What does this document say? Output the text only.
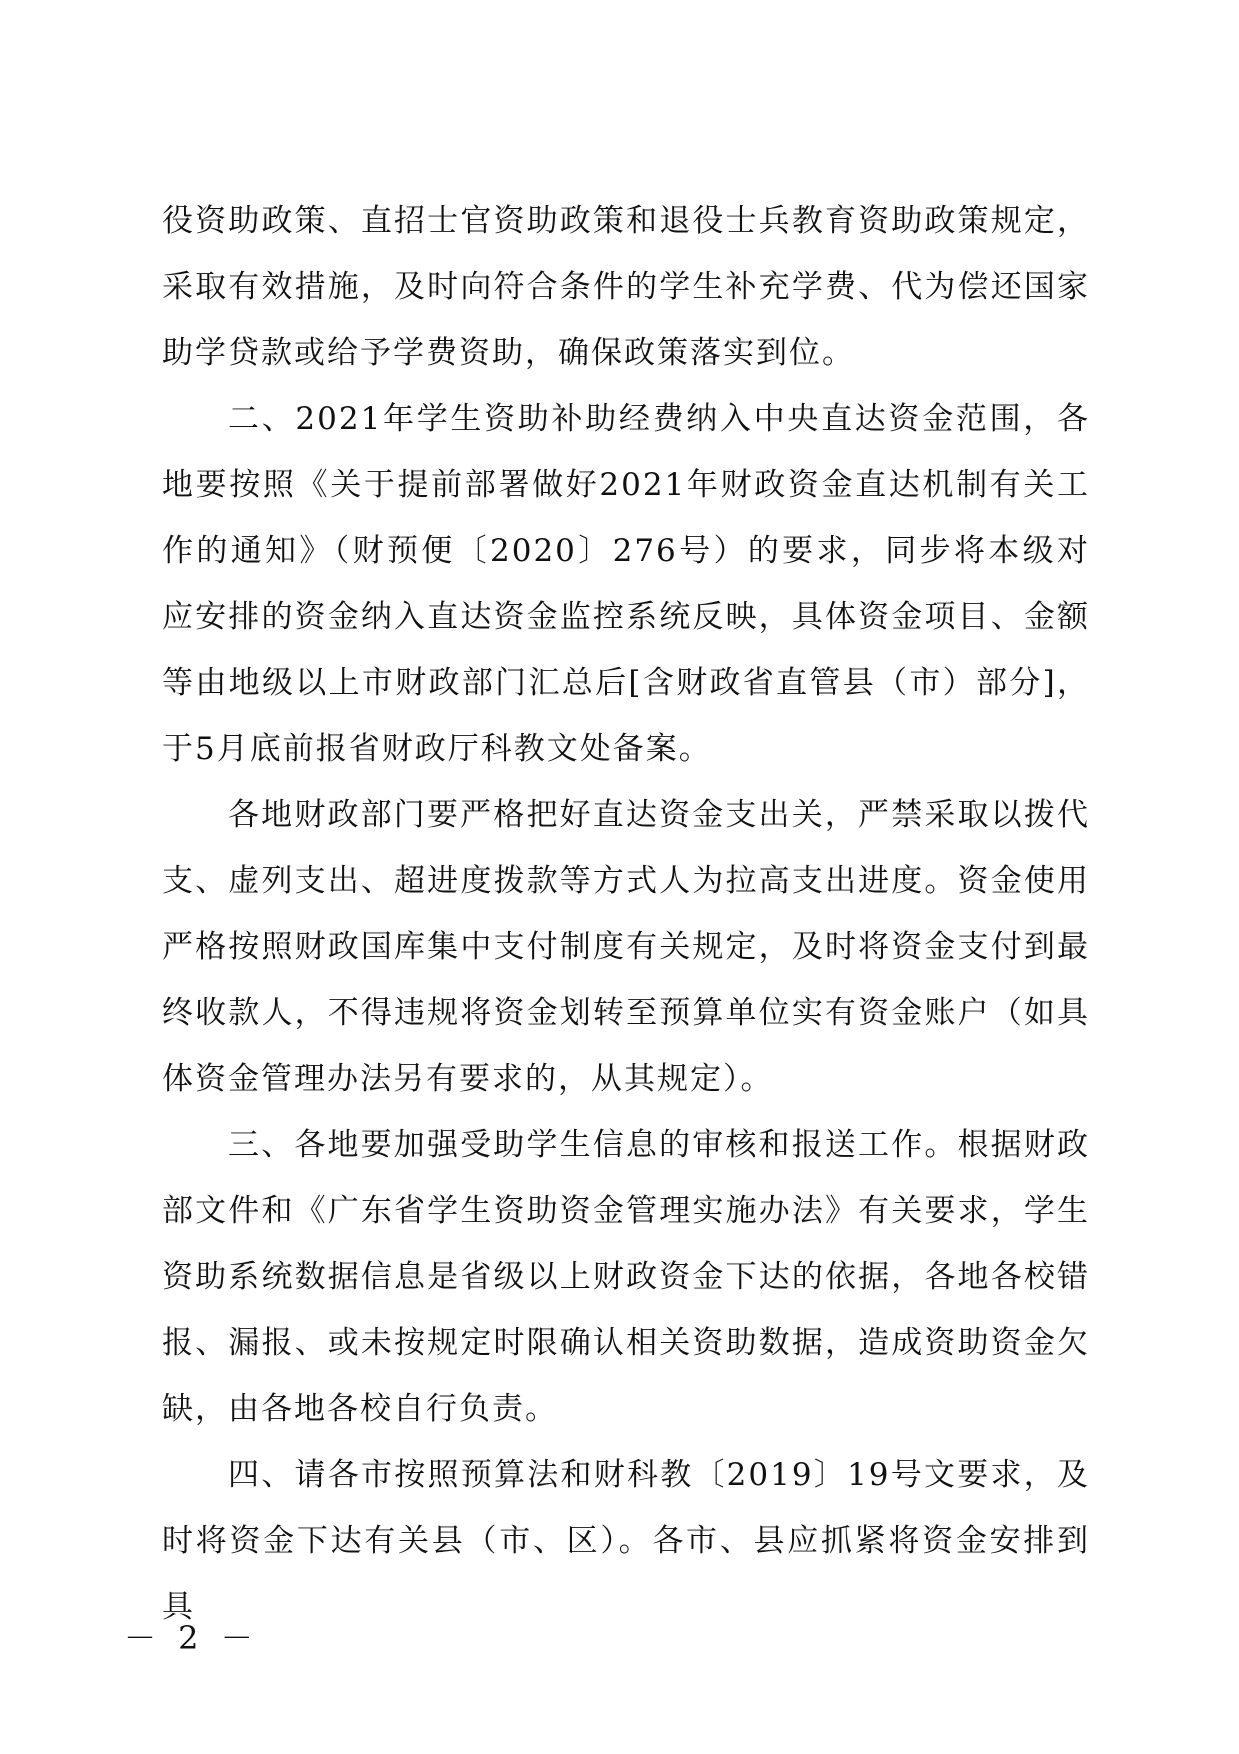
役资助政策、直招士官资助政策和退役士兵教育资助政策规定，采取有效措施，及时向符合条件的学生补充学费、代为偿还国家助学贷款或给予学费资助，确保政策落实到位。

二、2021年学生资助补助经费纳入中央直达资金范围，各地要按照《关于提前部署做好2021年财政资金直达机制有关工作的通知》（财预便〔2020〕276号）的要求，同步将本级对应安排的资金纳入直达资金监控系统反映，具体资金项目、金额等由地级以上市财政部门汇总后[含财政省直管县（市）部分]，于5月底前报省财政厅科教文处备案。

各地财政部门要严格把好直达资金支出关，严禁采取以拨代支、虚列支出、超进度拨款等方式人为拉高支出进度。资金使用严格按照财政国库集中支付制度有关规定，及时将资金支付到最终收款人，不得违规将资金划转至预算单位实有资金账户（如具体资金管理办法另有要求的，从其规定）。

三、各地要加强受助学生信息的审核和报送工作。根据财政部文件和《广东省学生资助资金管理实施办法》有关要求，学生资助系统数据信息是省级以上财政资金下达的依据，各地各校错报、漏报、或未按规定时限确认相关资助数据，造成资助资金欠缺，由各地各校自行负责。

四、请各市按照预算法和财科教〔2019〕19号文要求，及时将资金下达有关县（市、区）。各市、县应抓紧将资金安排到具

－ 2 －
